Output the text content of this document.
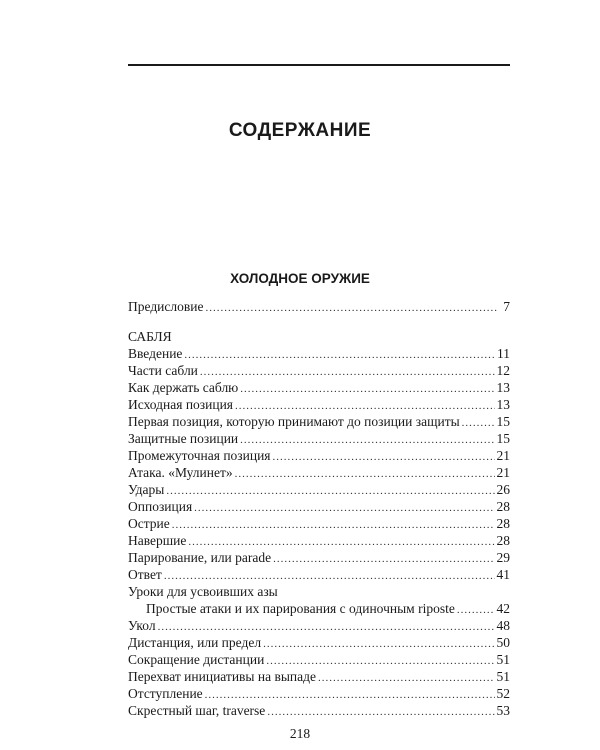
СОДЕРЖАНИЕ
ХОЛОДНОЕ ОРУЖИЕ
Предисловие .....	7
САБЛЯ
Введение .....	11
Части сабли .....	12
Как держать саблю .....	13
Исходная позиция .....	13
Первая позиция, которую принимают до позиции защиты .....	15
Защитные позиции .....	15
Промежуточная позиция .....	21
Атака. «Мулинет» .....	21
Удары .....	26
Оппозиция .....	28
Острие .....	28
Навершие .....	28
Парирование, или parade .....	29
Ответ .....	41
Уроки для усвоивших азы
Простые атаки и их парирования с одиночным riposte .....	42
Укол .....	48
Дистанция, или предел .....	50
Сокращение дистанции .....	51
Перехват инициативы на выпаде .....	51
Отступление .....	52
Скрестный шаг, traverse .....	53
218
